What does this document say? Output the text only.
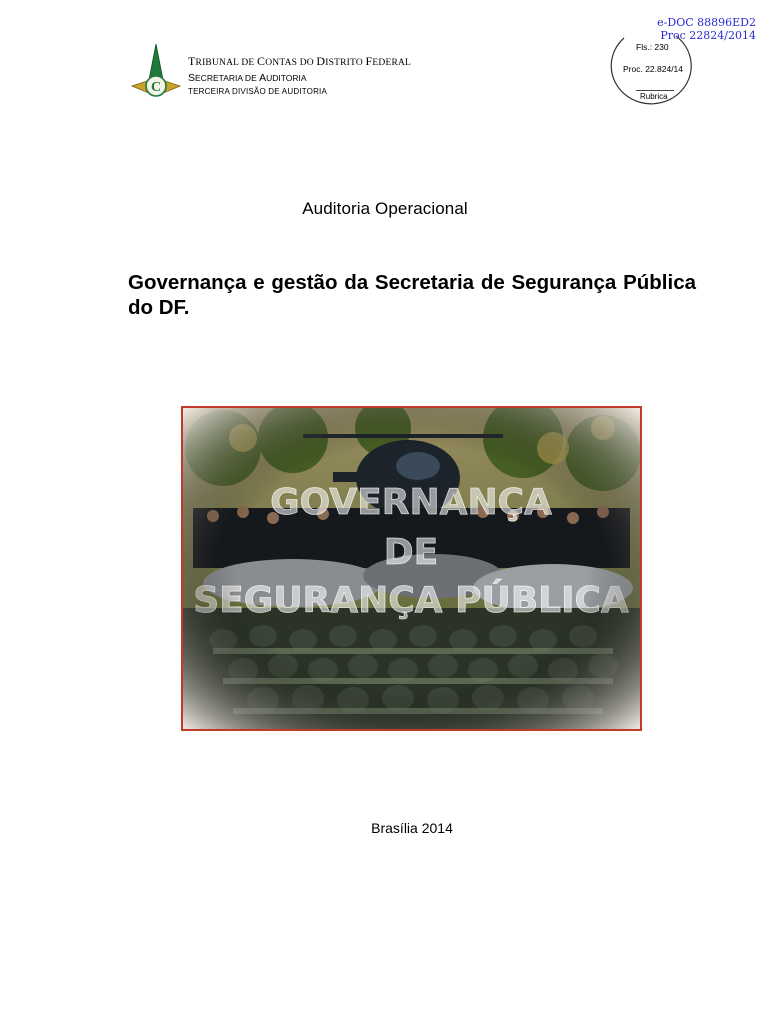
e-DOC 88896ED2
Proc 22824/2014
C
TRIBUNAL DE CONTAS DO DISTRITO FEDERAL
SECRETARIA DE AUDITORIA
TERCEIRA DIVISÃO DE AUDITORIA
Fls.: 230
Proc. 22.824/14
Rubrica
Auditoria Operacional
Governança e gestão da Secretaria de Segurança Pública do DF.
Brasília 2014
